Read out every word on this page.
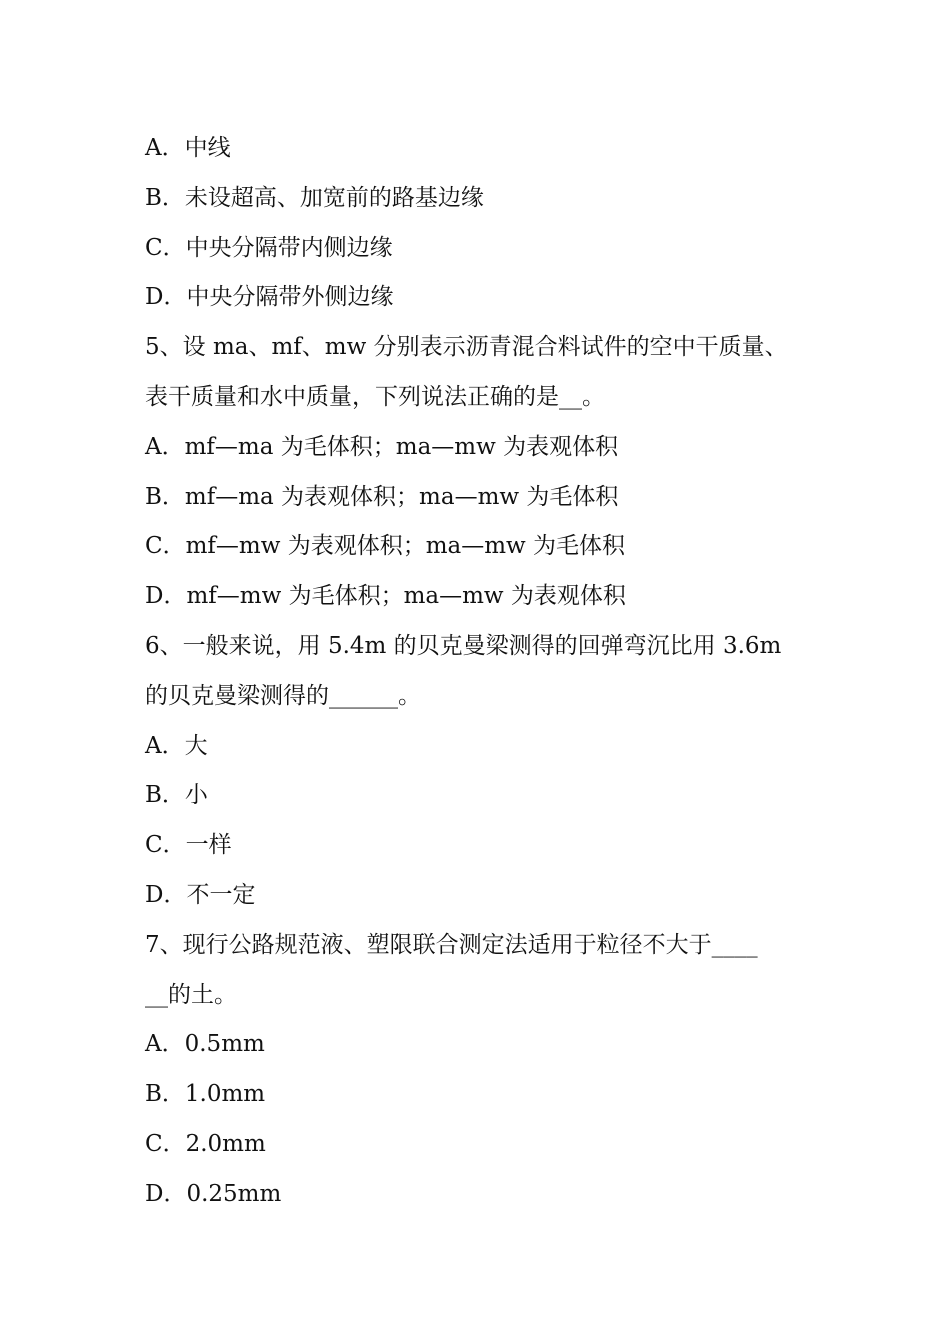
A．中线
B．未设超高、加宽前的路基边缘
C．中央分隔带内侧边缘
D．中央分隔带外侧边缘
5、设 ma、mf、mw 分别表示沥青混合料试件的空中干质量、
表干质量和水中质量，下列说法正确的是__。
A．mf—ma 为毛体积；ma—mw 为表观体积
B．mf—ma 为表观体积；ma—mw 为毛体积
C．mf—mw 为表观体积；ma—mw 为毛体积
D．mf—mw 为毛体积；ma—mw 为表观体积
6、一般来说，用 5.4m 的贝克曼梁测得的回弹弯沉比用 3.6m
的贝克曼梁测得的______。
A．大
B．小
C．一样
D．不一定
7、现行公路规范液、塑限联合测定法适用于粒径不大于____
__的土。
A．0.5mm
B．1.0mm
C．2.0mm
D．0.25mm
